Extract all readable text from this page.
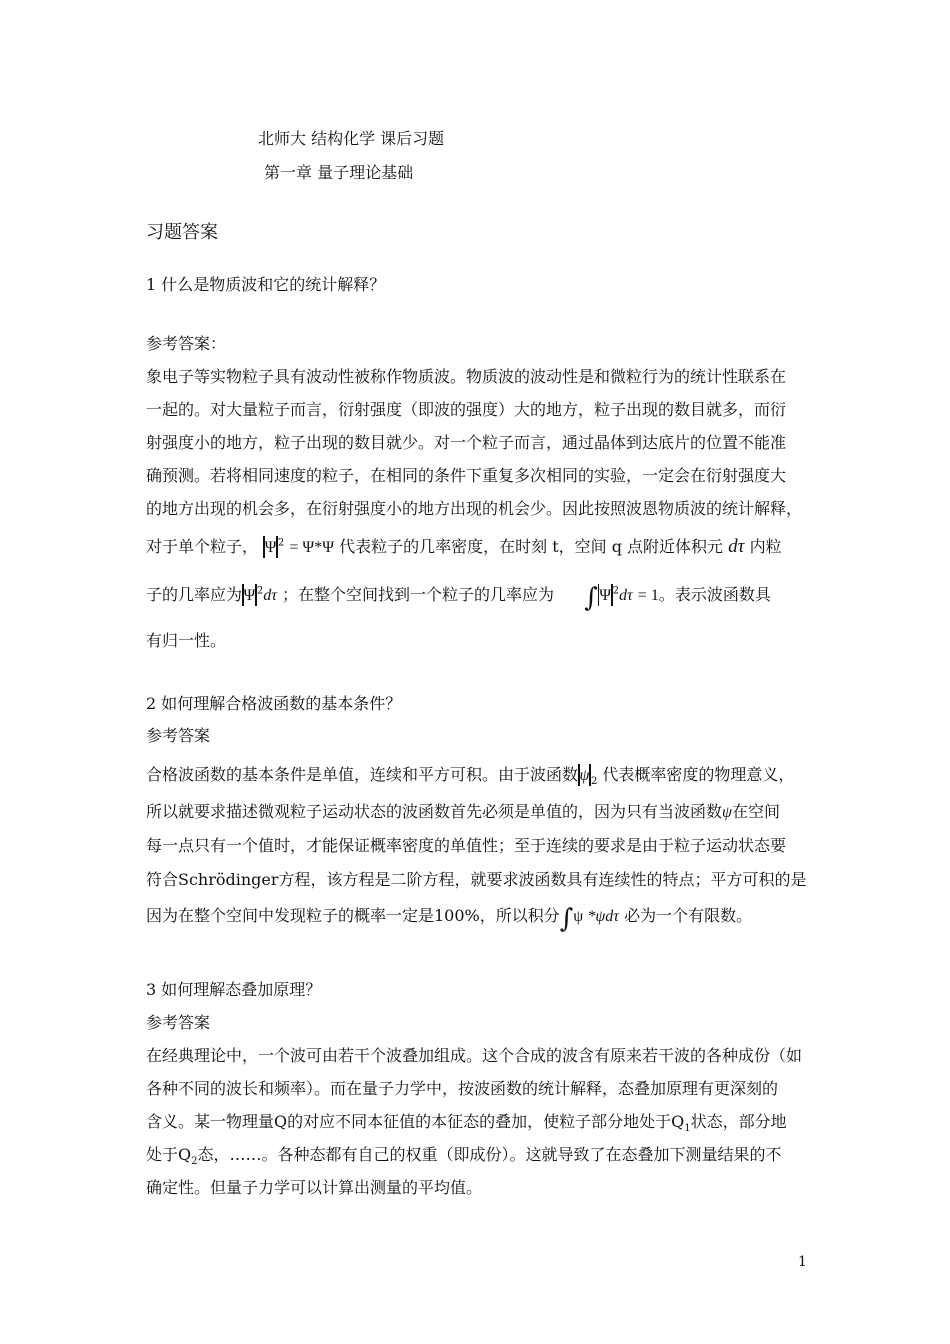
北师大 结构化学 课后习题
第一章 量子理论基础
习题答案
1 什么是物质波和它的统计解释？
参考答案：
象电子等实物粒子具有波动性被称作物质波。物质波的波动性是和微粒行为的统计性联系在
一起的。对大量粒子而言，衍射强度（即波的强度）大的地方，粒子出现的数目就多，而衍
射强度小的地方，粒子出现的数目就少。对一个粒子而言，通过晶体到达底片的位置不能准
确预测。若将相同速度的粒子，在相同的条件下重复多次相同的实验，一定会在衍射强度大
的地方出现的机会多，在衍射强度小的地方出现的机会少。因此按照波恩物质波的统计解释，
对于单个粒子， Ψ $^2$ = Ψ*Ψ 代表粒子的几率密度，在时刻 t，空间 q 点附近体积元 dτ 内粒
子的几率应为Ψ $^2$dτ ；在整个空间找到一个粒子的几率应为 ∫Ψ $^2$dτ = 1。表示波函数具
有归一性。
2 如何理解合格波函数的基本条件？
参考答案
合格波函数的基本条件是单值，连续和平方可积。由于波函数ψ $_2$ 代表概率密度的物理意义，
所以就要求描述微观粒子运动状态的波函数首先必须是单值的，因为只有当波函数ψ在空间
每一点只有一个值时，才能保证概率密度的单值性；至于连续的要求是由于粒子运动状态要
符合Schrödinger方程，该方程是二阶方程，就要求波函数具有连续性的特点；平方可积的是
因为在整个空间中发现粒子的概率一定是100%，所以积分∫ψ *ψdτ 必为一个有限数。
3 如何理解态叠加原理？
参考答案
在经典理论中，一个波可由若干个波叠加组成。这个合成的波含有原来若干波的各种成份（如
各种不同的波长和频率）。而在量子力学中，按波函数的统计解释，态叠加原理有更深刻的
含义。某一物理量Q的对应不同本征值的本征态的叠加，使粒子部分地处于$Q_1$状态，部分地
处于$Q_2$态，……。各种态都有自己的权重（即成份）。这就导致了在态叠加下测量结果的不
确定性。但量子力学可以计算出测量的平均值。
1
